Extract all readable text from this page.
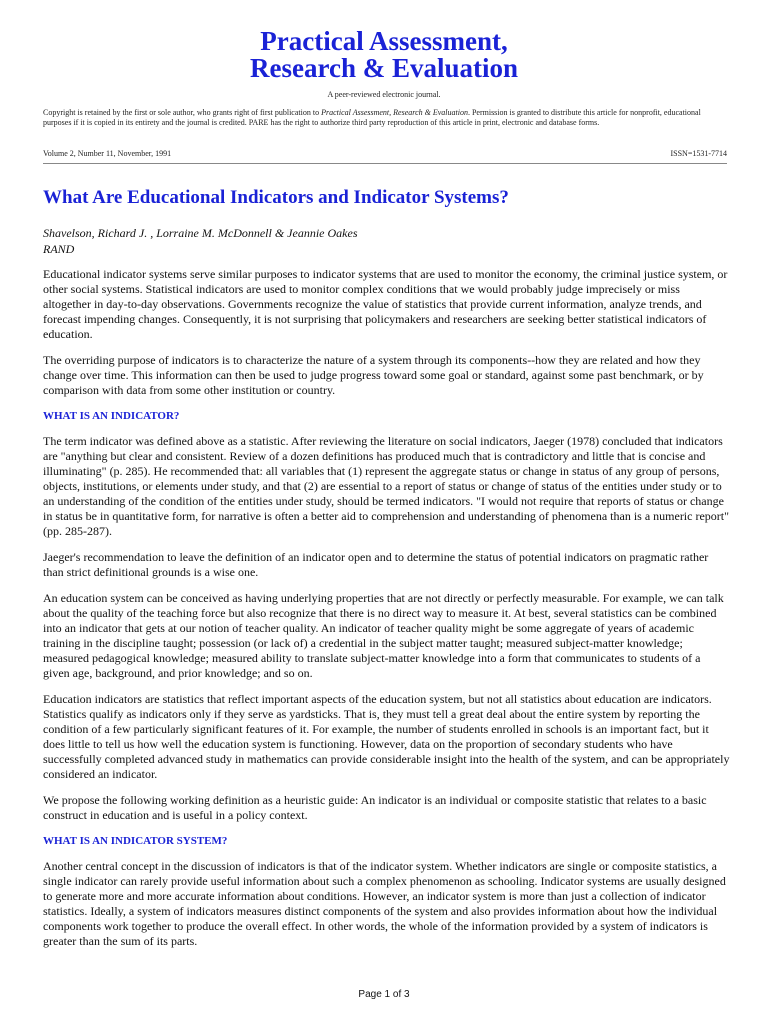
Practical Assessment,
Research & Evaluation
A peer-reviewed electronic journal.
Copyright is retained by the first or sole author, who grants right of first publication to Practical Assessment, Research & Evaluation. Permission is granted to distribute this article for nonprofit, educational purposes if it is copied in its entirety and the journal is credited. PARE has the right to authorize third party reproduction of this article in print, electronic and database forms.
Volume 2, Number 11, November, 1991	ISSN=1531-7714
What Are Educational Indicators and Indicator Systems?
Shavelson, Richard J. , Lorraine M. McDonnell & Jeannie Oakes
RAND

Educational indicator systems serve similar purposes to indicator systems that are used to monitor the economy, the criminal justice system, or other social systems. Statistical indicators are used to monitor complex conditions that we would probably judge imprecisely or miss altogether in day-to-day observations. Governments recognize the value of statistics that provide current information, analyze trends, and forecast impending changes. Consequently, it is not surprising that policymakers and researchers are seeking better statistical indicators of education.

The overriding purpose of indicators is to characterize the nature of a system through its components--how they are related and how they change over time. This information can then be used to judge progress toward some goal or standard, against some past benchmark, or by comparison with data from some other institution or country.

WHAT IS AN INDICATOR?

The term indicator was defined above as a statistic. After reviewing the literature on social indicators, Jaeger (1978) concluded that indicators are "anything but clear and consistent. Review of a dozen definitions has produced much that is contradictory and little that is concise and illuminating" (p. 285). He recommended that: all variables that (1) represent the aggregate status or change in status of any group of persons, objects, institutions, or elements under study, and that (2) are essential to a report of status or change of status of the entities under study or to an understanding of the condition of the entities under study, should be termed indicators. "I would not require that reports of status or change in status be in quantitative form, for narrative is often a better aid to comprehension and understanding of phenomena than is a numeric report" (pp. 285-287).

Jaeger's recommendation to leave the definition of an indicator open and to determine the status of potential indicators on pragmatic rather than strict definitional grounds is a wise one.

An education system can be conceived as having underlying properties that are not directly or perfectly measurable. For example, we can talk about the quality of the teaching force but also recognize that there is no direct way to measure it. At best, several statistics can be combined into an indicator that gets at our notion of teacher quality. An indicator of teacher quality might be some aggregate of years of academic training in the discipline taught; possession (or lack of) a credential in the subject matter taught; measured subject-matter knowledge; measured pedagogical knowledge; measured ability to translate subject-matter knowledge into a form that communicates to students of a given age, background, and prior knowledge; and so on.

Education indicators are statistics that reflect important aspects of the education system, but not all statistics about education are indicators. Statistics qualify as indicators only if they serve as yardsticks. That is, they must tell a great deal about the entire system by reporting the condition of a few particularly significant features of it. For example, the number of students enrolled in schools is an important fact, but it does little to tell us how well the education system is functioning. However, data on the proportion of secondary students who have successfully completed advanced study in mathematics can provide considerable insight into the health of the system, and can be appropriately considered an indicator.

We propose the following working definition as a heuristic guide: An indicator is an individual or composite statistic that relates to a basic construct in education and is useful in a policy context.

WHAT IS AN INDICATOR SYSTEM?

Another central concept in the discussion of indicators is that of the indicator system. Whether indicators are single or composite statistics, a single indicator can rarely provide useful information about such a complex phenomenon as schooling. Indicator systems are usually designed to generate more and more accurate information about conditions. However, an indicator system is more than just a collection of indicator statistics. Ideally, a system of indicators measures distinct components of the system and also provides information about how the individual components work together to produce the overall effect. In other words, the whole of the information provided by a system of indicators is greater than the sum of its parts.

Page 1 of 3
